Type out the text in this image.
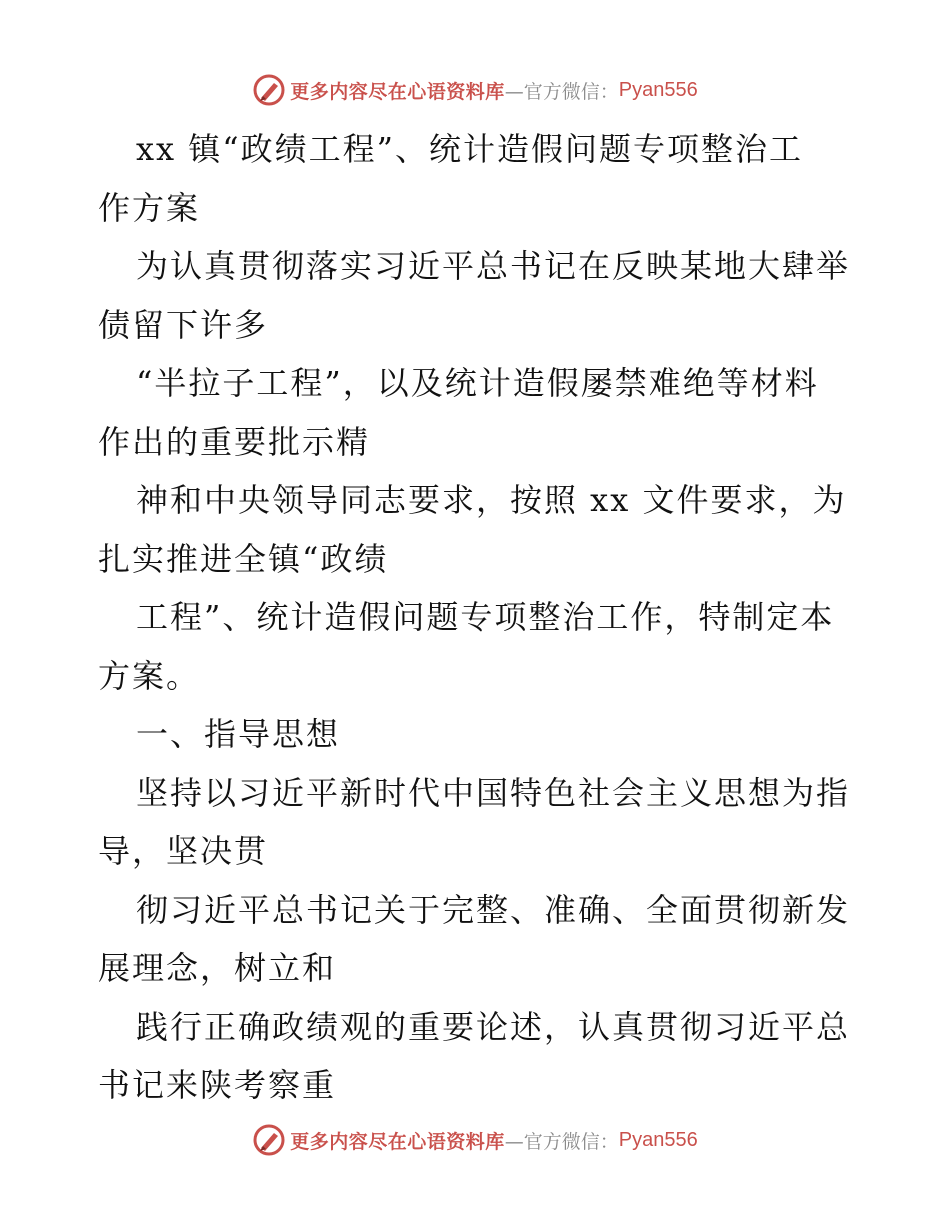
更多内容尽在心语资料库 —官方微信： Pyan556
xx 镇“政绩工程”、统计造假问题专项整治工
作方案
为认真贯彻落实习近平总书记在反映某地大肆举
债留下许多
“半拉子工程”，以及统计造假屡禁难绝等材料
作出的重要批示精
神和中央领导同志要求，按照 xx 文件要求，为
扎实推进全镇“政绩
工程”、统计造假问题专项整治工作，特制定本
方案。
一、指导思想
坚持以习近平新时代中国特色社会主义思想为指
导，坚决贯
彻习近平总书记关于完整、准确、全面贯彻新发
展理念，树立和
践行正确政绩观的重要论述，认真贯彻习近平总
书记来陕考察重
更多内容尽在心语资料库 —官方微信： Pyan556
